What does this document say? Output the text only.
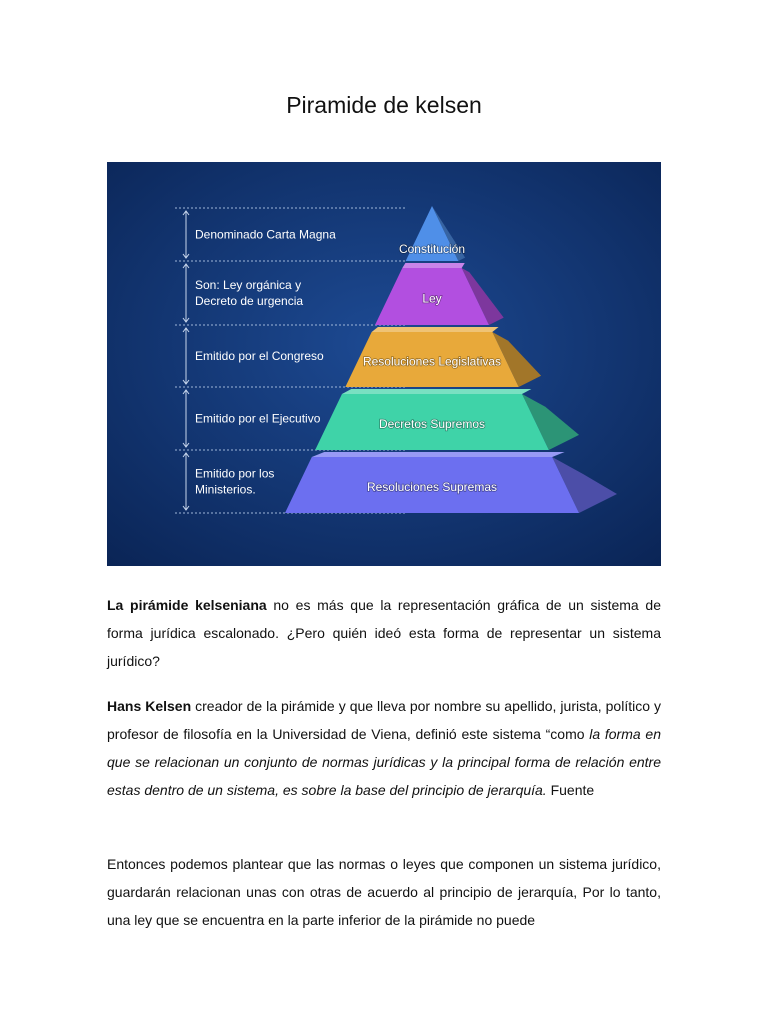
Piramide de kelsen
Denominado Carta Magna
Son: Ley orgánica y
Decreto de urgencia
Emitido por el Congreso
Emitido por el Ejecutivo
Emitido por los
Ministerios.
Constitución
Ley
Resoluciones Legislativas
Decretos Supremos
Resoluciones Supremas
La pirámide kelseniana no es más que la representación gráfica de un sistema de forma jurídica escalonado. ¿Pero quién ideó esta forma de representar un sistema jurídico?
Hans Kelsen creador de la pirámide y que lleva por nombre su apellido, jurista, político y profesor de filosofía en la Universidad de Viena, definió este sistema “como la forma en que se relacionan un conjunto de normas jurídicas y la principal forma de relación entre estas dentro de un sistema, es sobre la base del principio de jerarquía. Fuente
Entonces podemos plantear que las normas o leyes que componen un sistema jurídico, guardarán relacionan unas con otras de acuerdo al principio de jerarquía, Por lo tanto, una ley que se encuentra en la parte inferior de la pirámide no puede
